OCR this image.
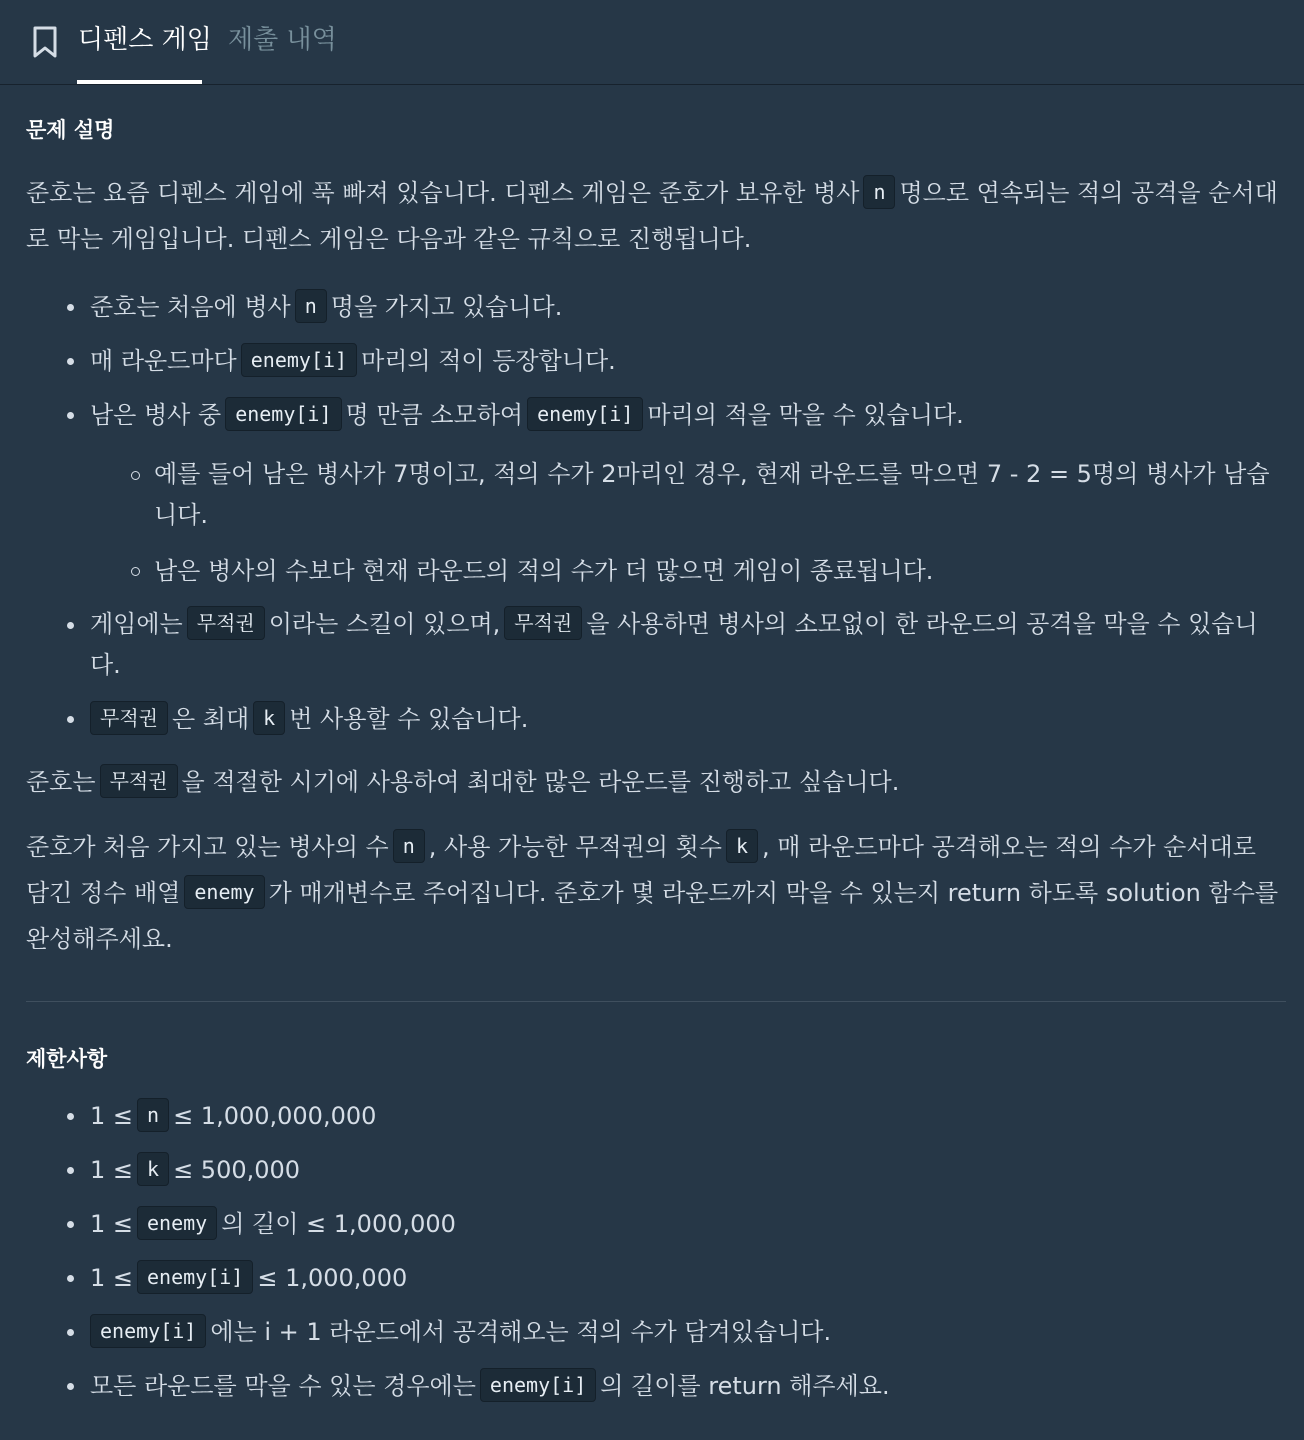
디펜스 게임 제출 내역
문제 설명

준호는 요즘 디펜스 게임에 푹 빠져 있습니다. 디펜스 게임은 준호가 보유한 병사 n 명으로 연속되는 적의 공격을 순서대로 막는 게임입니다. 디펜스 게임은 다음과 같은 규칙으로 진행됩니다.

준호는 처음에 병사 n 명을 가지고 있습니다.
매 라운드마다 enemy[i] 마리의 적이 등장합니다.
남은 병사 중 enemy[i] 명 만큼 소모하여 enemy[i] 마리의 적을 막을 수 있습니다.
예를 들어 남은 병사가 7명이고, 적의 수가 2마리인 경우, 현재 라운드를 막으면 7 - 2 = 5명의 병사가 남습니다.
남은 병사의 수보다 현재 라운드의 적의 수가 더 많으면 게임이 종료됩니다.
게임에는 무적권 이라는 스킬이 있으며, 무적권 을 사용하면 병사의 소모없이 한 라운드의 공격을 막을 수 있습니다.
무적권 은 최대 k 번 사용할 수 있습니다.

준호는 무적권 을 적절한 시기에 사용하여 최대한 많은 라운드를 진행하고 싶습니다.

준호가 처음 가지고 있는 병사의 수 n , 사용 가능한 무적권의 횟수 k , 매 라운드마다 공격해오는 적의 수가 순서대로 담긴 정수 배열 enemy 가 매개변수로 주어집니다. 준호가 몇 라운드까지 막을 수 있는지 return 하도록 solution 함수를 완성해주세요.

제한사항
1 ≤ n ≤ 1,000,000,000
1 ≤ k ≤ 500,000
1 ≤ enemy 의 길이 ≤ 1,000,000
1 ≤ enemy[i] ≤ 1,000,000
enemy[i] 에는 i + 1 라운드에서 공격해오는 적의 수가 담겨있습니다.
모든 라운드를 막을 수 있는 경우에는 enemy[i] 의 길이를 return 해주세요.
